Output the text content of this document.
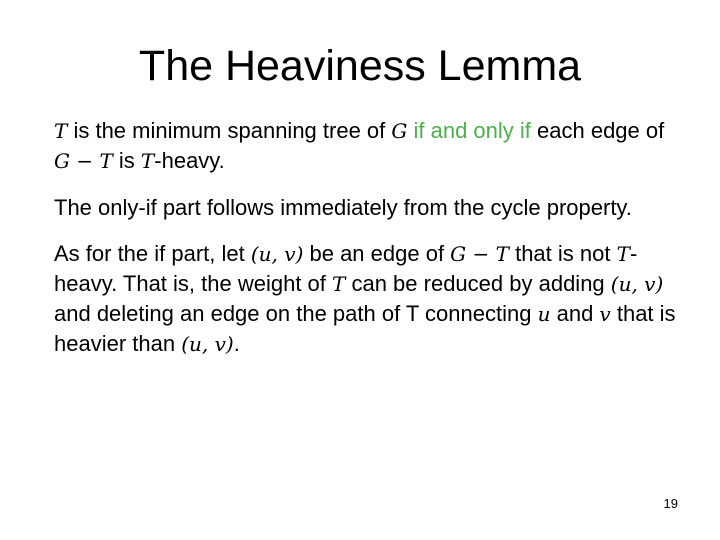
The Heaviness Lemma

T is the minimum spanning tree of G if and only if each edge of G − T is T-heavy.

The only-if part follows immediately from the cycle property.

As for the if part, let (u, v) be an edge of G − T that is not T-heavy. That is, the weight of T can be reduced by adding (u, v) and deleting an edge on the path of T connecting u and v that is heavier than (u, v).

19
